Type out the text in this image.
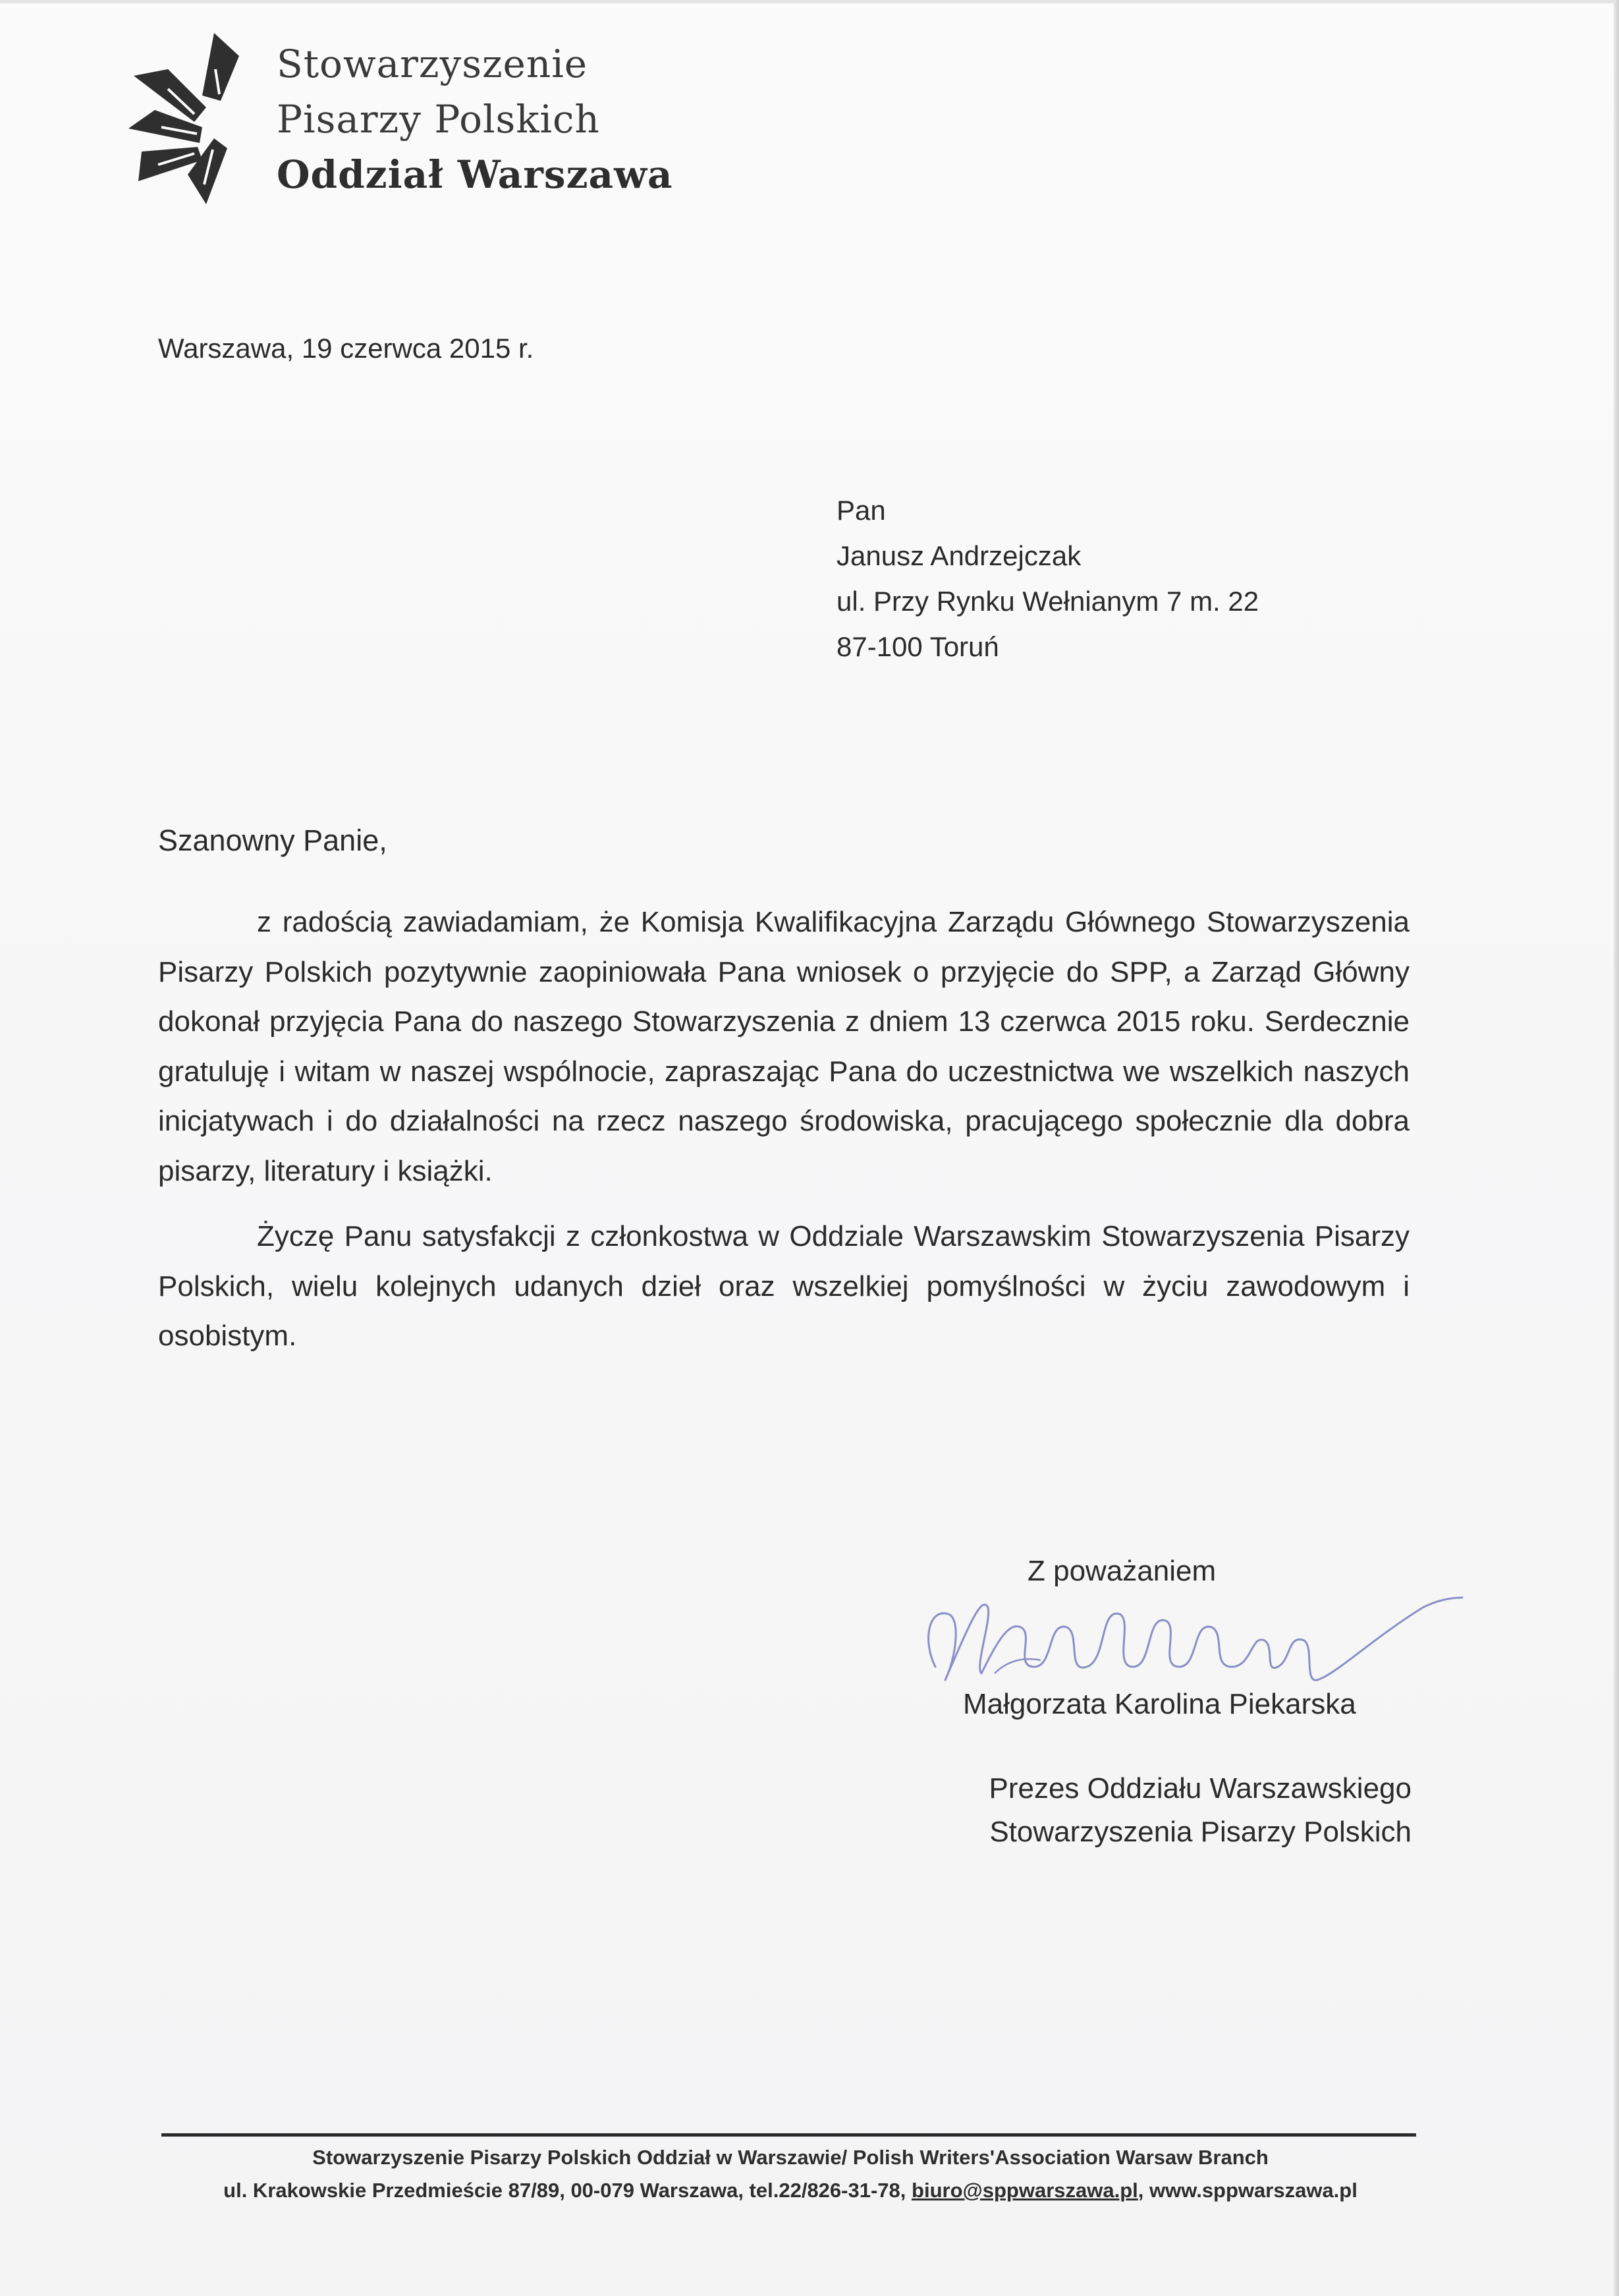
Stowarzyszenie
Pisarzy Polskich
Oddział Warszawa
Warszawa, 19 czerwca 2015 r.
Pan
Janusz Andrzejczak
ul. Przy Rynku Wełnianym 7 m. 22
87-100 Toruń
Szanowny Panie,

z radością zawiadamiam, że Komisja Kwalifikacyjna Zarządu Głównego Stowarzyszenia Pisarzy Polskich pozytywnie zaopiniowała Pana wniosek o przyjęcie do SPP, a Zarząd Główny dokonał przyjęcia Pana do naszego Stowarzyszenia z dniem 13 czerwca 2015 roku. Serdecznie gratuluję i witam w naszej wspólnocie, zapraszając Pana do uczestnictwa we wszelkich naszych inicjatywach i do działalności na rzecz naszego środowiska, pracującego społecznie dla dobra pisarzy, literatury i książki.

Życzę Panu satysfakcji z członkostwa w Oddziale Warszawskim Stowarzyszenia Pisarzy Polskich, wielu kolejnych udanych dzieł oraz wszelkiej pomyślności w życiu zawodowym i osobistym.

Z poważaniem
Małgorzata Karolina Piekarska
Prezes Oddziału Warszawskiego
Stowarzyszenia Pisarzy Polskich
Stowarzyszenie Pisarzy Polskich Oddział w Warszawie/ Polish Writers'Association Warsaw Branch
ul. Krakowskie Przedmieście 87/89, 00-079 Warszawa, tel.22/826-31-78, biuro@sppwarszawa.pl, www.sppwarszawa.pl
